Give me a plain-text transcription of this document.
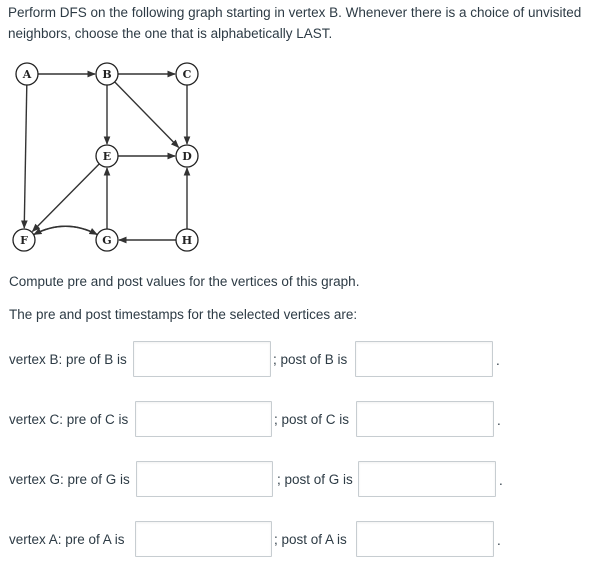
Perform DFS on the following graph starting in vertex B. Whenever there is a choice of unvisited neighbors, choose the one that is alphabetically LAST.
A	B	C
D
E
F	G	H
Compute pre and post values for the vertices of this graph.
The pre and post timestamps for the selected vertices are:
vertex B: pre of B is	; post of B is	.
vertex C: pre of C is	; post of C is	.
vertex G: pre of G is	; post of G is	.
vertex A: pre of A is	; post of A is	.
